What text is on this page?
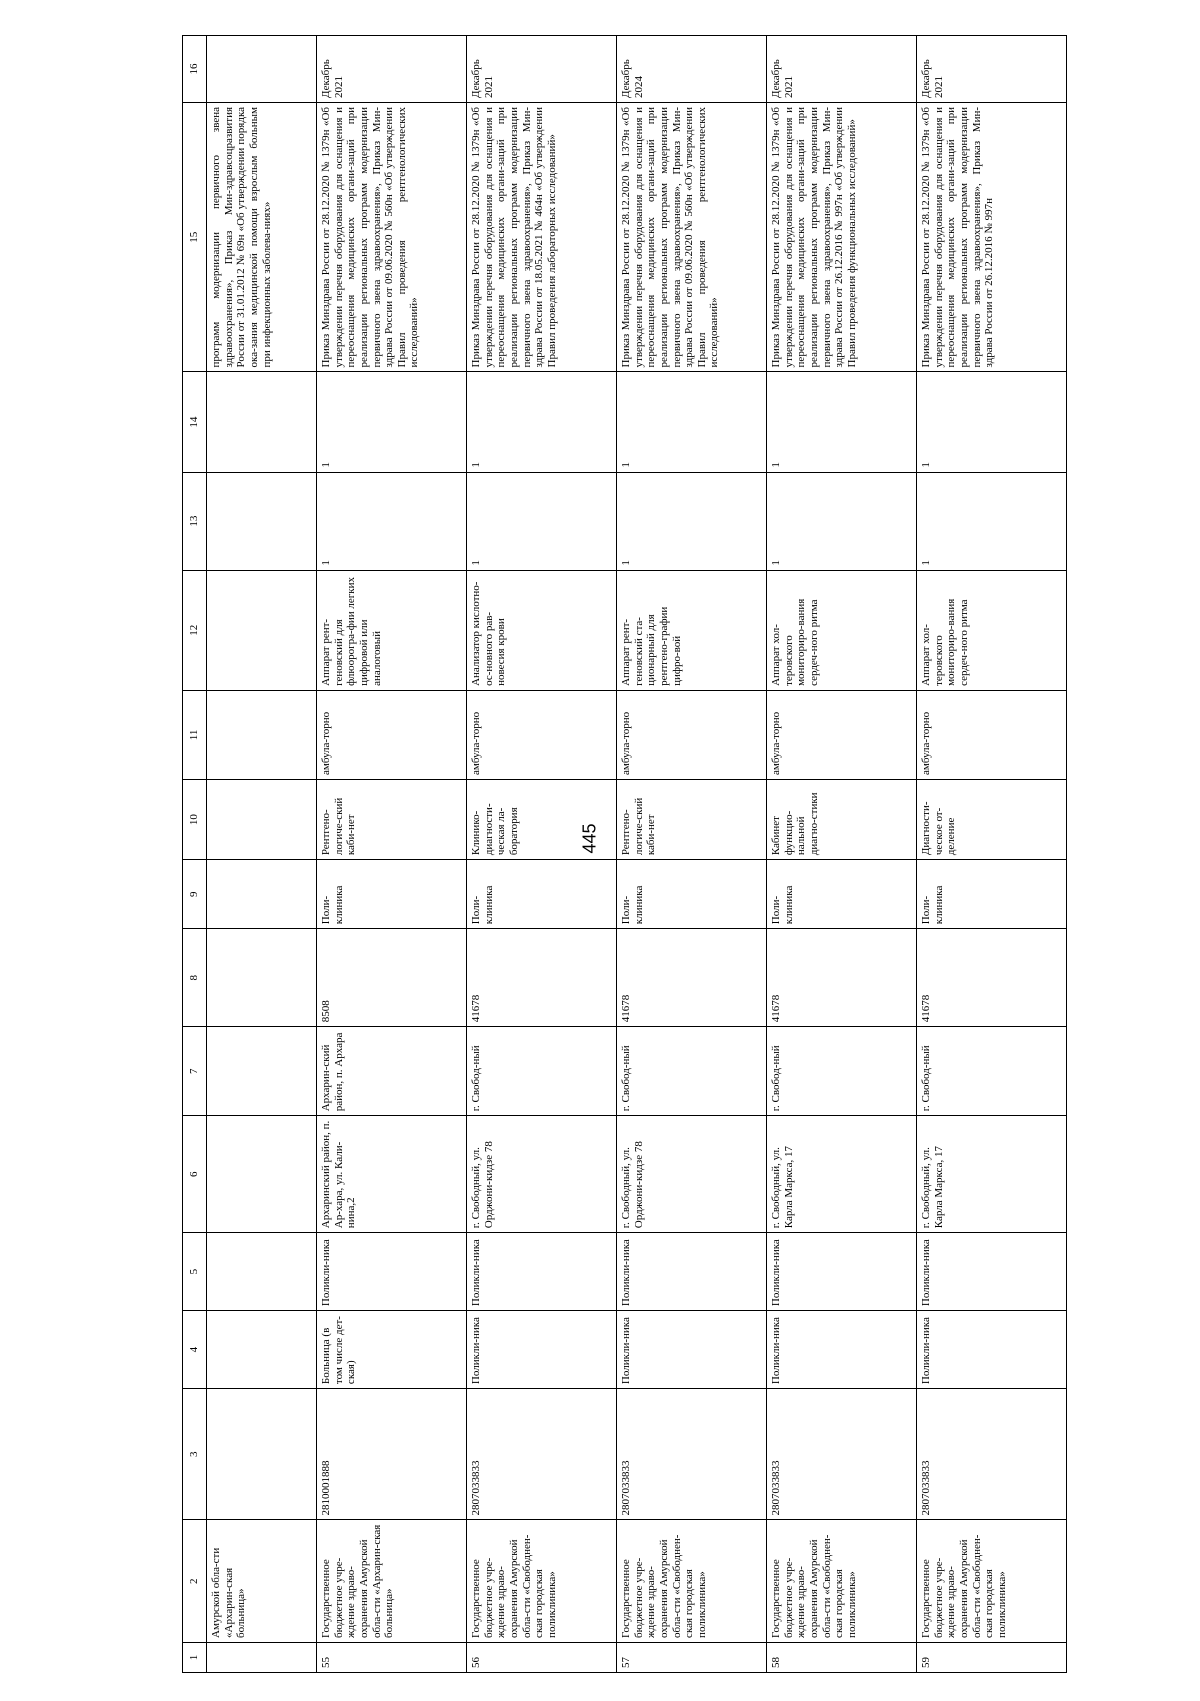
445
1	2	3	4	5	6	7	8	9	10	11	12	13	14	15	16
	Амурской обла-сти «Архарин-ская больница»													программ модернизации первичного звена здравоохранения», Приказ Мин-здравсоцразвития России от 31.01.2012 № 69н «Об утверждении порядка ока-зания медицинской помощи взрослым больным при инфекционных заболева-ниях»	
55	Государственное бюджетное учре-ждение здраво-охранения Амурской обла-сти «Архарин-ская больница»	2810001888	Больница (в том числе дет-ская)	Поликли-ника	Архаринский район, п. Ар-хара, ул. Кали-нина,2	Архарин-ский район, п. Архара	8508	Поли-клиника	Рентгено-логиче-ский каби-нет	амбула-торно	Аппарат рент-геновский для флюорогра-фии легких цифровой или аналоговый	1	1	Приказ Минздрава России от 28.12.2020 № 1379н «Об утверждении перечня оборудования для оснащения и переоснащения медицинских органи-заций при реализации региональных программ модернизации первичного звена здравоохранения», Приказ Мин-здрава России от 09.06.2020 № 560н «Об утверждении Правил проведения рентгенологических исследований»	Декабрь 2021
56	Государственное бюджетное учре-ждение здраво-охранения Амурской обла-сти «Свободнен-ская городская поликлиника»	2807033833	Поликли-ника	Поликли-ника	г. Свободный, ул. Орджони-кидзе 78	г. Свобод-ный	41678	Поли-клиника	Клинико-диагности-ческая ла-боратория	амбула-торно	Анализатор кислотно-ос-новного рав-новесия крови	1	1	Приказ Минздрава России от 28.12.2020 № 1379н «Об утверждении перечня оборудования для оснащения и переоснащения медицинских органи-заций при реализации региональных программ модернизации первичного звена здравоохранения», Приказ Мин-здрава России от 18.05.2021 № 464н «Об утверждении Правил проведения лабораторных исследований»	Декабрь 2021
57	Государственное бюджетное учре-ждение здраво-охранения Амурской обла-сти «Свободнен-ская городская поликлиника»	2807033833	Поликли-ника	Поликли-ника	г. Свободный, ул. Орджони-кидзе 78	г. Свобод-ный	41678	Поли-клиника	Рентгено-логиче-ский каби-нет	амбула-торно	Аппарат рент-геновский ста-ционарный для рентгено-графии цифро-вой	1	1	Приказ Минздрава России от 28.12.2020 № 1379н «Об утверждении перечня оборудования для оснащения и переоснащения медицинских органи-заций при реализации региональных программ модернизации первичного звена здравоохранения», Приказ Мин-здрава России от 09.06.2020 № 560н «Об утверждении Правил проведения рентгенологических исследований»	Декабрь 2024
58	Государственное бюджетное учре-ждение здраво-охранения Амурской обла-сти «Свободнен-ская городская поликлиника»	2807033833	Поликли-ника	Поликли-ника	г. Свободный, ул. Карла Маркса, 17	г. Свобод-ный	41678	Поли-клиника	Кабинет функцио-нальной диагно-стики	амбула-торно	Аппарат хол-теровского мониториро-вания сердеч-ного ритма	1	1	Приказ Минздрава России от 28.12.2020 № 1379н «Об утверждении перечня оборудования для оснащения и переоснащения медицинских органи-заций при реализации региональных программ модернизации первичного звена здравоохранения», Приказ Мин-здрава России от 26.12.2016 № 997н «Об утверждении Правил проведения функциональных исследований»	Декабрь 2021
59	Государственное бюджетное учре-ждение здраво-охранения Амурской обла-сти «Свободнен-ская городская поликлиника»	2807033833	Поликли-ника	Поликли-ника	г. Свободный, ул. Карла Маркса, 17	г. Свобод-ный	41678	Поли-клиника	Диагности-ческое от-деление	амбула-торно	Аппарат хол-теровского мониториро-вания сердеч-ного ритма	1	1	Приказ Минздрава России от 28.12.2020 № 1379н «Об утверждении перечня оборудования для оснащения и переоснащения медицинских органи-заций при реализации региональных программ модернизации первичного звена здравоохранения», Приказ Мин-здрава России от 26.12.2016 № 997н	Декабрь 2021
